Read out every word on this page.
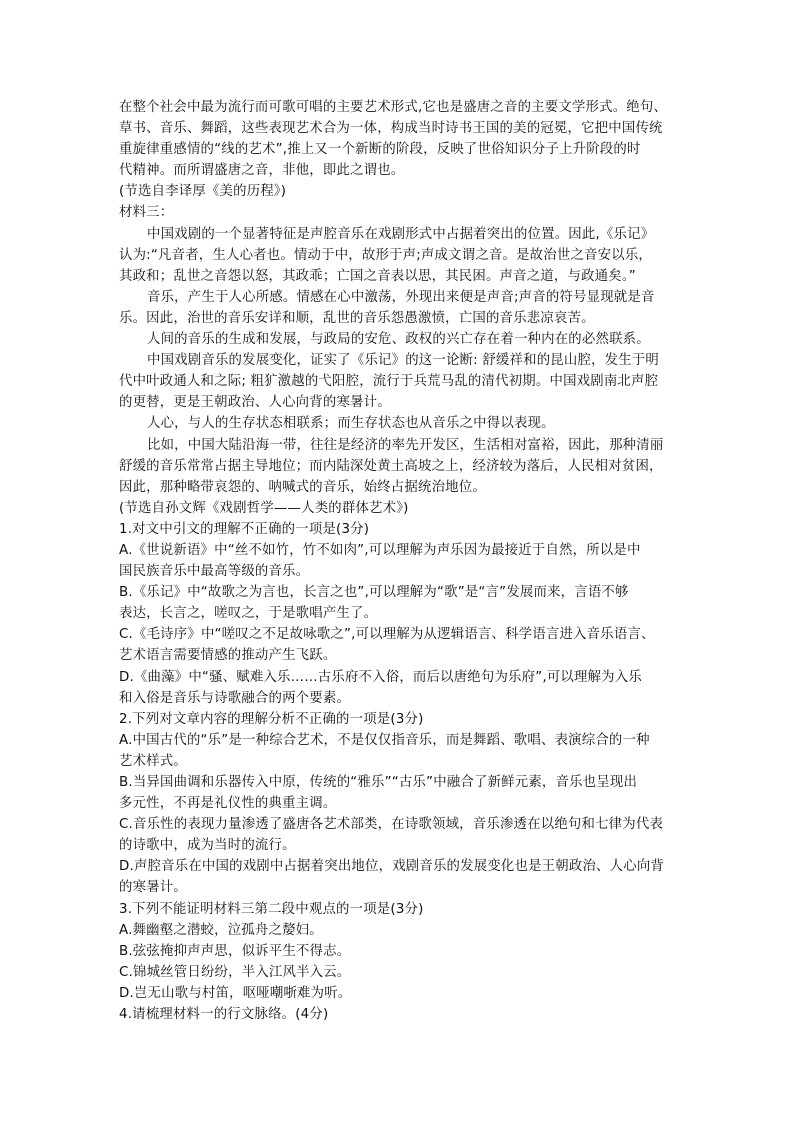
在整个社会中最为流行而可歌可唱的主要艺术形式,它也是盛唐之音的主要文学形式。绝句、
草书、音乐、舞蹈，这些表现艺术合为一体，构成当时诗书王国的美的冠冕，它把中国传统
重旋律重感情的“线的艺术”,推上又一个新断的阶段，反映了世俗知识分子上升阶段的时
代精神。而所谓盛唐之音，非他，即此之谓也。
(节选自李译厚《美的历程》)
材料三：
中国戏剧的一个显著特征是声腔音乐在戏剧形式中占据着突出的位置。因此,《乐记》
认为:“凡音者，生人心者也。情动于中，故形于声;声成文谓之音。是故治世之音安以乐，
其政和；乱世之音怨以怒，其政乖；亡国之音表以思，其民困。声音之道，与政通矣。”
音乐，产生于人心所感。情感在心中激荡，外现出来便是声音;声音的符号显现就是音
乐。因此，治世的音乐安详和顺，乱世的音乐怨愚激愤，亡国的音乐悲凉哀苦。
人间的音乐的生成和发展，与政局的安危、政权的兴亡存在着一种内在的必然联系。
中国戏剧音乐的发展变化，证实了《乐记》的这一论断: 舒缓祥和的昆山腔，发生于明
代中叶政通人和之际; 粗犷激越的弋阳腔，流行于兵荒马乱的清代初期。中国戏剧南北声腔
的更替，更是王朝政治、人心向背的寒暑计。
人心，与人的生存状态相联系；而生存状态也从音乐之中得以表现。
比如，中国大陆沿海一带，往往是经济的率先开发区，生活相对富裕，因此，那种清丽
舒缓的音乐常常占据主导地位；而内陆深处黄土高坡之上，经济较为落后，人民相对贫困，
因此，那种略带哀怨的、呐喊式的音乐，始终占据统治地位。
(节选自孙文辉《戏剧哲学——人类的群体艺术》)
1.对文中引文的理解不正确的一项是(3分)
A.《世说新语》中“丝不如竹，竹不如肉”,可以理解为声乐因为最接近于自然，所以是中
国民族音乐中最高等级的音乐。
B.《乐记》中“故歌之为言也，长言之也”,可以理解为“歌”是“言”发展而来，言语不够
表达，长言之，嗟叹之，于是歌唱产生了。
C.《毛诗序》中“嗟叹之不足故咏歌之”,可以理解为从逻辑语言、科学语言进入音乐语言、
艺术语言需要情感的推动产生飞跃。
D.《曲藻》中“骚、赋难入乐……古乐府不入俗，而后以唐绝句为乐府”,可以理解为入乐
和入俗是音乐与诗歌融合的两个要素。
2.下列对文章内容的理解分析不正确的一项是(3分)
A.中国古代的“乐”是一种综合艺术，不是仅仅指音乐，而是舞蹈、歌唱、表演综合的一种
艺术样式。
B.当异国曲调和乐器传入中原，传统的“雅乐”“古乐”中融合了新鲜元素，音乐也呈现出
多元性，不再是礼仪性的典重主调。
C.音乐性的表现力量渗透了盛唐各艺术部类，在诗歌领域，音乐渗透在以绝句和七律为代表
的诗歌中，成为当时的流行。
D.声腔音乐在中国的戏剧中占据着突出地位，戏剧音乐的发展变化也是王朝政治、人心向背
的寒暑计。
3.下列不能证明材料三第二段中观点的一项是(3分)
A.舞幽壑之潜蛟，泣孤舟之嫠妇。
B.弦弦掩抑声声思，似诉平生不得志。
C.锦城丝管日纷纷，半入江风半入云。
D.岂无山歌与村笛，呕哑嘲哳难为听。
4.请梳理材料一的行文脉络。(4分)
